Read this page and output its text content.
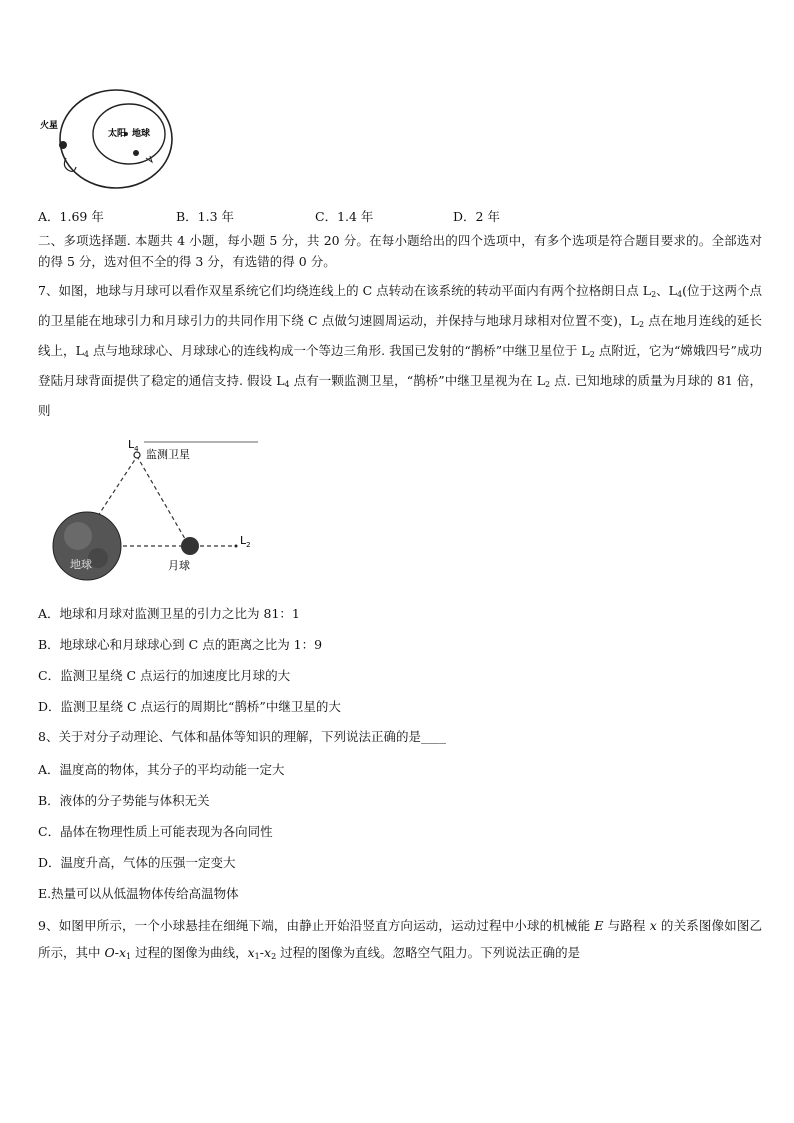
火星
太阳 地球
A．1.69 年	B．1.3 年	C．1.4 年	D．2 年
二、多项选择题. 本题共 4 小题，每小题 5 分，共 20 分。在每小题给出的四个选项中，有多个选项是符合题目要求的。全部选对的得 5 分，选对但不全的得 3 分，有选错的得 0 分。
7、如图，地球与月球可以看作双星系统它们均绕连线上的 C 点转动在该系统的转动平面内有两个拉格朗日点 $L_2$、$L_4$(位于这两个点的卫星能在地球引力和月球引力的共同作用下绕 C 点做匀速圆周运动，并保持与地球月球相对位置不变)，$L_2$ 点在地月连线的延长线上，$L_4$ 点与地球球心、月球球心的连线构成一个等边三角形. 我国已发射的“鹊桥”中继卫星位于 $L_2$ 点附近，它为“嫦娥四号”成功登陆月球背面提供了稳定的通信支持. 假设 $L_4$ 点有一颗监测卫星，“鹊桥”中继卫星视为在 $L_2$ 点. 已知地球的质量为月球的 81 倍，则
$L_4$ 监测卫星
地球	月球
$L_2$
A．地球和月球对监测卫星的引力之比为 81：1
B．地球球心和月球球心到 C 点的距离之比为 1：9
C．监测卫星绕 C 点运行的加速度比月球的大
D．监测卫星绕 C 点运行的周期比“鹊桥”中继卫星的大
8、关于对分子动理论、气体和晶体等知识的理解，下列说法正确的是____
A．温度高的物体，其分子的平均动能一定大
B．液体的分子势能与体积无关
C．晶体在物理性质上可能表现为各向同性
D．温度升高，气体的压强一定变大
E.热量可以从低温物体传给高温物体
9、如图甲所示，一个小球悬挂在细绳下端，由静止开始沿竖直方向运动，运动过程中小球的机械能 E 与路程 x 的关系图像如图乙所示，其中 $O-x_1$ 过程的图像为曲线，$x_1-x_2$ 过程的图像为直线。忽略空气阻力。下列说法正确的是
